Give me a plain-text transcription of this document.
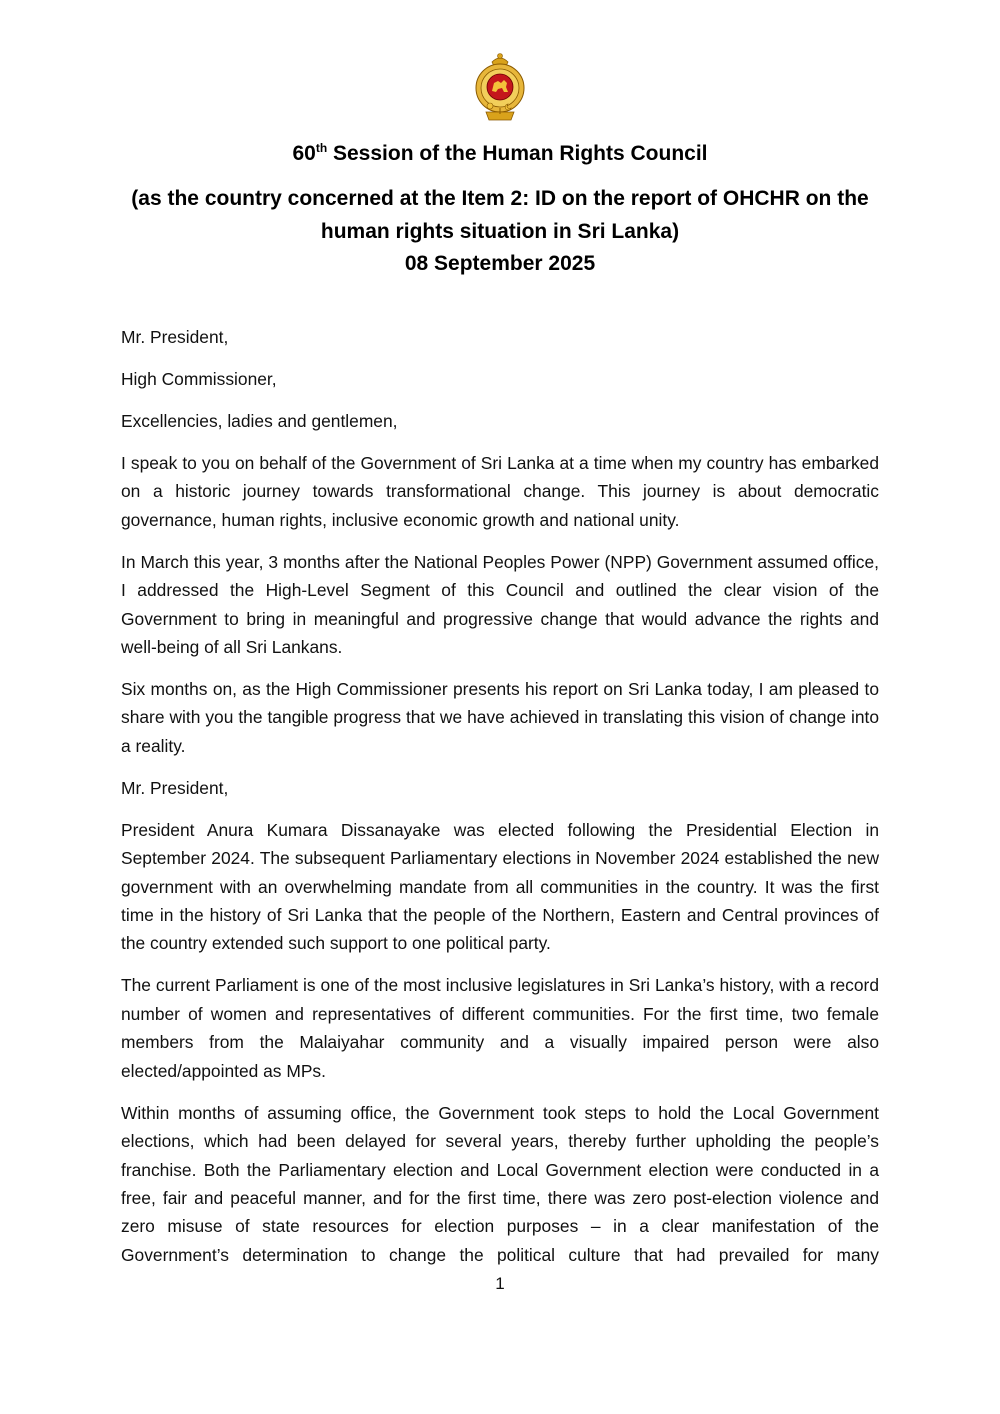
60th Session of the Human Rights Council
(as the country concerned at the Item 2: ID on the report of OHCHR on the human rights situation in Sri Lanka)
08 September 2025

Mr. President,

High Commissioner,

Excellencies, ladies and gentlemen,

I speak to you on behalf of the Government of Sri Lanka at a time when my country has embarked on a historic journey towards transformational change. This journey is about democratic governance, human rights, inclusive economic growth and national unity.

In March this year, 3 months after the National Peoples Power (NPP) Government assumed office, I addressed the High-Level Segment of this Council and outlined the clear vision of the Government to bring in meaningful and progressive change that would advance the rights and well-being of all Sri Lankans.

Six months on, as the High Commissioner presents his report on Sri Lanka today, I am pleased to share with you the tangible progress that we have achieved in translating this vision of change into a reality.

Mr. President,

President Anura Kumara Dissanayake was elected following the Presidential Election in September 2024. The subsequent Parliamentary elections in November 2024 established the new government with an overwhelming mandate from all communities in the country. It was the first time in the history of Sri Lanka that the people of the Northern, Eastern and Central provinces of the country extended such support to one political party.

The current Parliament is one of the most inclusive legislatures in Sri Lanka’s history, with a record number of women and representatives of different communities. For the first time, two female members from the Malaiyahar community and a visually impaired person were also elected/appointed as MPs.

Within months of assuming office, the Government took steps to hold the Local Government elections, which had been delayed for several years, thereby further upholding the people’s franchise. Both the Parliamentary election and Local Government election were conducted in a free, fair and peaceful manner, and for the first time, there was zero post-election violence and zero misuse of state resources for election purposes – in a clear manifestation of the Government’s determination to change the political culture that had prevailed for many

1
